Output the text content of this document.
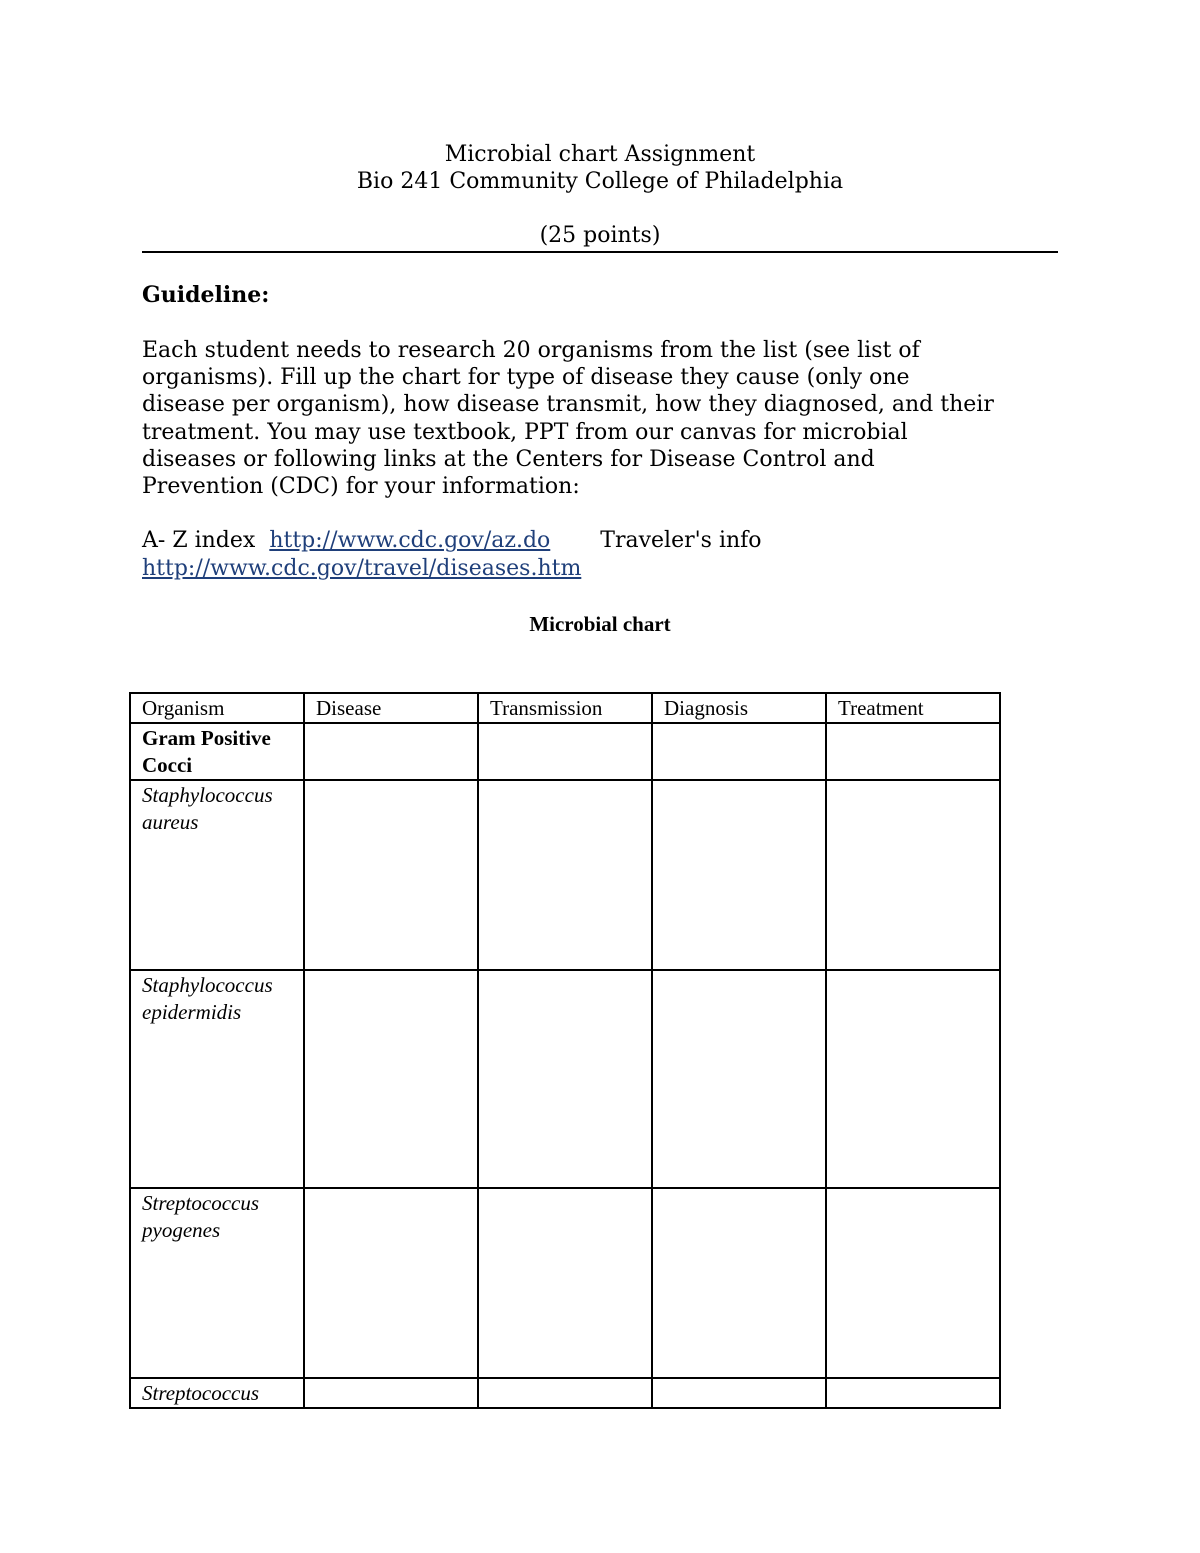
Microbial chart Assignment
Bio 241 Community College of Philadelphia
(25 points)
Guideline:
Each student needs to research 20 organisms from the list (see list of
organisms). Fill up the chart for type of disease they cause (only one
disease per organism), how disease transmit, how they diagnosed, and their
treatment. You may use textbook, PPT from our canvas for microbial
diseases or following links at the Centers for Disease Control and
Prevention (CDC) for your information:
A- Z index http://www.cdc.gov/az.do Traveler's info
http://www.cdc.gov/travel/diseases.htm
Microbial chart
Organism	Disease	Transmission	Diagnosis	Treatment
Gram Positive Cocci				
Staphylococcus aureus				
Staphylococcus epidermidis				
Streptococcus pyogenes				
Streptococcus				
